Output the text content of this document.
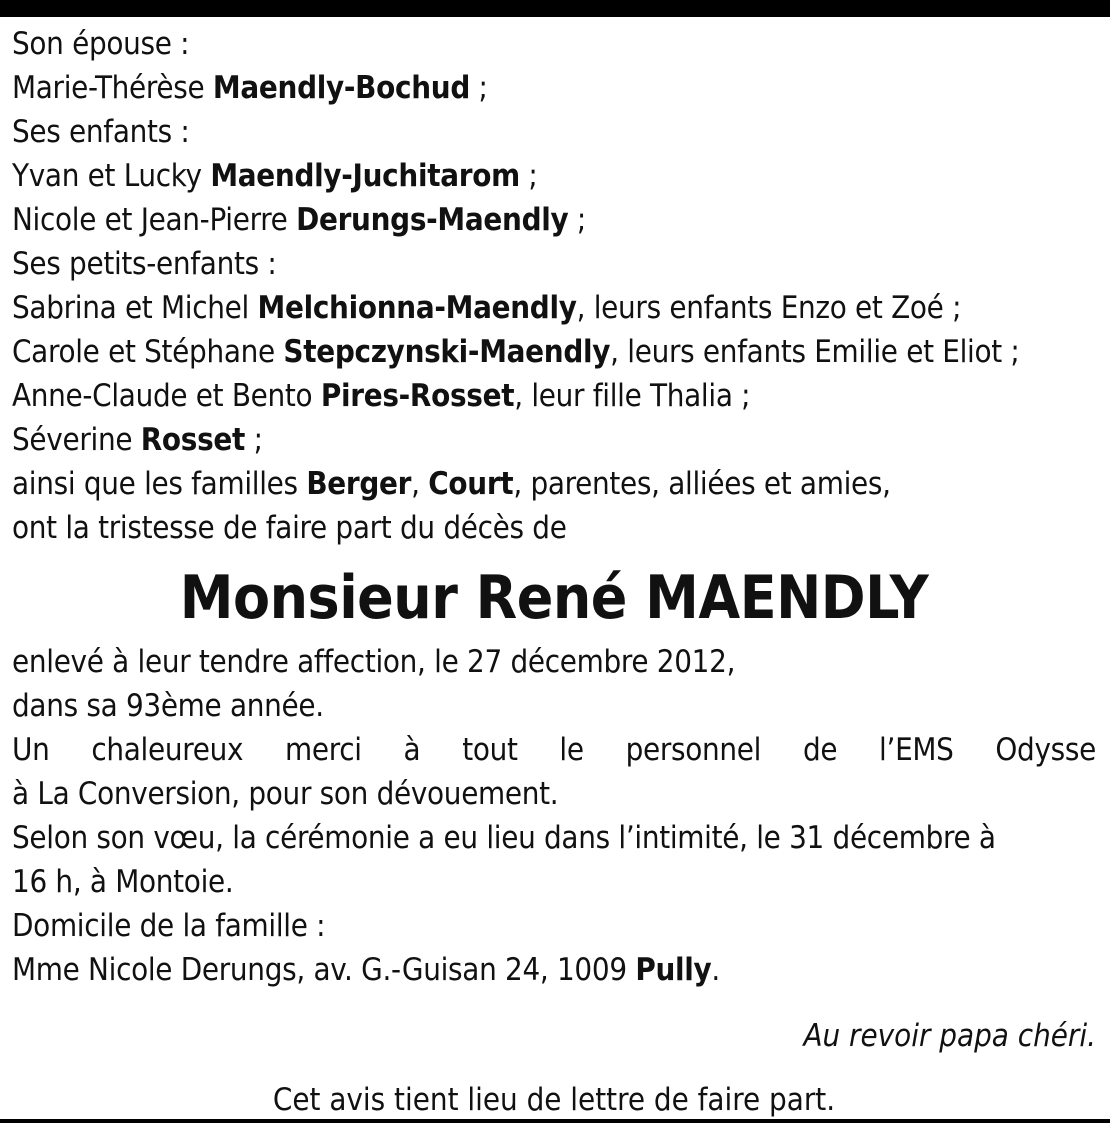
Son épouse :
Marie-Thérèse Maendly-Bochud ;
Ses enfants :
Yvan et Lucky Maendly-Juchitarom ;
Nicole et Jean-Pierre Derungs-Maendly ;
Ses petits-enfants :
Sabrina et Michel Melchionna-Maendly, leurs enfants Enzo et Zoé ;
Carole et Stéphane Stepczynski-Maendly, leurs enfants Emilie et Eliot ;
Anne-Claude et Bento Pires-Rosset, leur fille Thalia ;
Séverine Rosset ;
ainsi que les familles Berger, Court, parentes, alliées et amies,
ont la tristesse de faire part du décès de
Monsieur René MAENDLY
enlevé à leur tendre affection, le 27 décembre 2012,
dans sa 93ème année.
Un chaleureux merci à tout le personnel de l’EMS Odysse
à La Conversion, pour son dévouement.
Selon son vœu, la cérémonie a eu lieu dans l’intimité, le 31 décembre à
16 h, à Montoie.
Domicile de la famille :
Mme Nicole Derungs, av. G.-Guisan 24, 1009 Pully.
Au revoir papa chéri.
Cet avis tient lieu de lettre de faire part.
